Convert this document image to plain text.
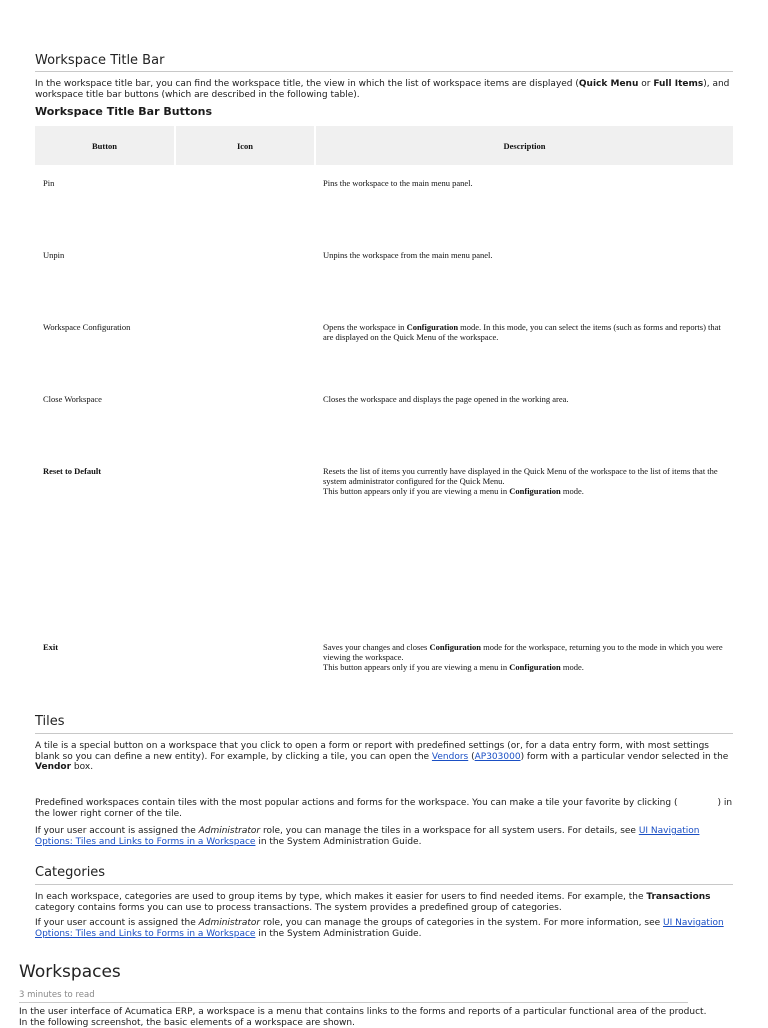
Workspace Title Bar

In the workspace title bar, you can find the workspace title, the view in which the list of workspace items are displayed (Quick Menu or Full Items), and workspace title bar buttons (which are described in the following table).

Workspace Title Bar Buttons

Button	Icon	Description
Pin		Pins the workspace to the main menu panel.
Unpin		Unpins the workspace from the main menu panel.
Workspace Configuration		Opens the workspace in Configuration mode. In this mode, you can select the items (such as forms and reports) that are displayed on the Quick Menu of the workspace.
Close Workspace		Closes the workspace and displays the page opened in the working area.
Reset to Default		Resets the list of items you currently have displayed in the Quick Menu of the workspace to the list of items that the system administrator configured for the Quick Menu.
This button appears only if you are viewing a menu in Configuration mode.
Exit		Saves your changes and closes Configuration mode for the workspace, returning you to the mode in which you were viewing the workspace.
This button appears only if you are viewing a menu in Configuration mode.
Tiles

A tile is a special button on a workspace that you click to open a form or report with predefined settings (or, for a data entry form, with most settings blank so you can define a new entity). For example, by clicking a tile, you can open the Vendors (AP303000) form with a particular vendor selected in the Vendor box.

Predefined workspaces contain tiles with the most popular actions and forms for the workspace. You can make a tile your favorite by clicking (	) in the lower right corner of the tile.

If your user account is assigned the Administrator role, you can manage the tiles in a workspace for all system users. For details, see UI Navigation Options: Tiles and Links to Forms in a Workspace in the System Administration Guide.

Categories

In each workspace, categories are used to group items by type, which makes it easier for users to find needed items. For example, the Transactions category contains forms you can use to process transactions. The system provides a predefined group of categories.

If your user account is assigned the Administrator role, you can manage the groups of categories in the system. For more information, see UI Navigation Options: Tiles and Links to Forms in a Workspace in the System Administration Guide.

Workspaces

3 minutes to read

In the user interface of Acumatica ERP, a workspace is a menu that contains links to the forms and reports of a particular functional area of the product. In the following screenshot, the basic elements of a workspace are shown.
